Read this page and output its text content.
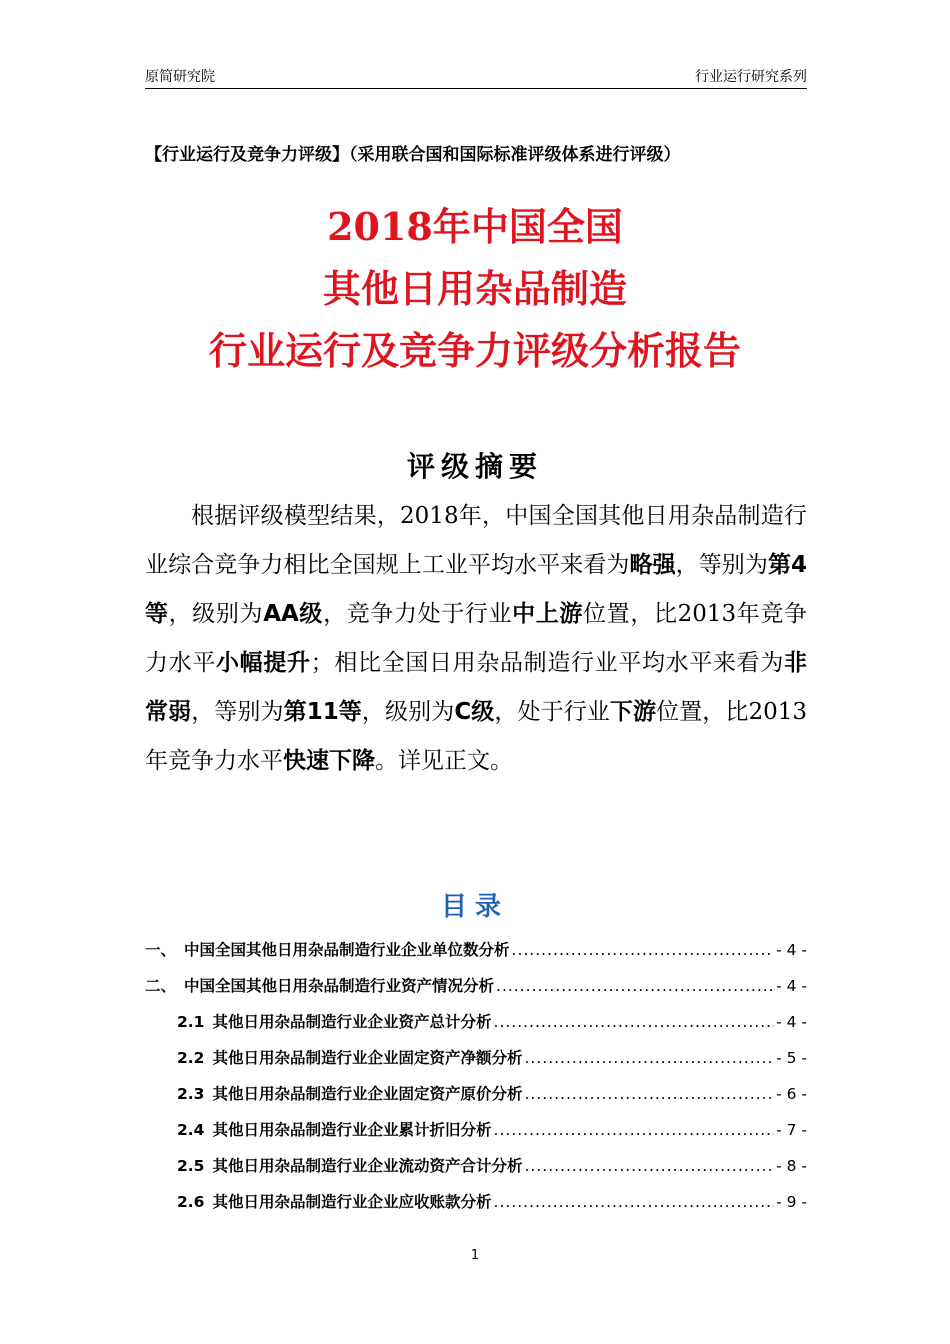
原简研究院	行业运行研究系列
【行业运行及竞争力评级】（采用联合国和国际标准评级体系进行评级）
2018年中国全国
其他日用杂品制造
行业运行及竞争力评级分析报告
评级摘要
根据评级模型结果，2018年，中国全国其他日用杂品制造行业综合竞争力相比全国规上工业平均水平来看为略强，等别为第4等，级别为AA级，竞争力处于行业中上游位置，比2013年竞争力水平小幅提升；相比全国日用杂品制造行业平均水平来看为非常弱，等别为第11等，级别为C级，处于行业下游位置，比2013年竞争力水平快速下降。详见正文。
目录
一、 中国全国其他日用杂品制造行业企业单位数分析 .....	- 4 -
二、 中国全国其他日用杂品制造行业资产情况分析 .....	- 4 -
2.1 其他日用杂品制造行业企业资产总计分析 .....	- 4 -
2.2 其他日用杂品制造行业企业固定资产净额分析 .....	- 5 -
2.3 其他日用杂品制造行业企业固定资产原价分析 .....	- 6 -
2.4 其他日用杂品制造行业企业累计折旧分析 .....	- 7 -
2.5 其他日用杂品制造行业企业流动资产合计分析 .....	- 8 -
2.6 其他日用杂品制造行业企业应收账款分析 .....	- 9 -
1
